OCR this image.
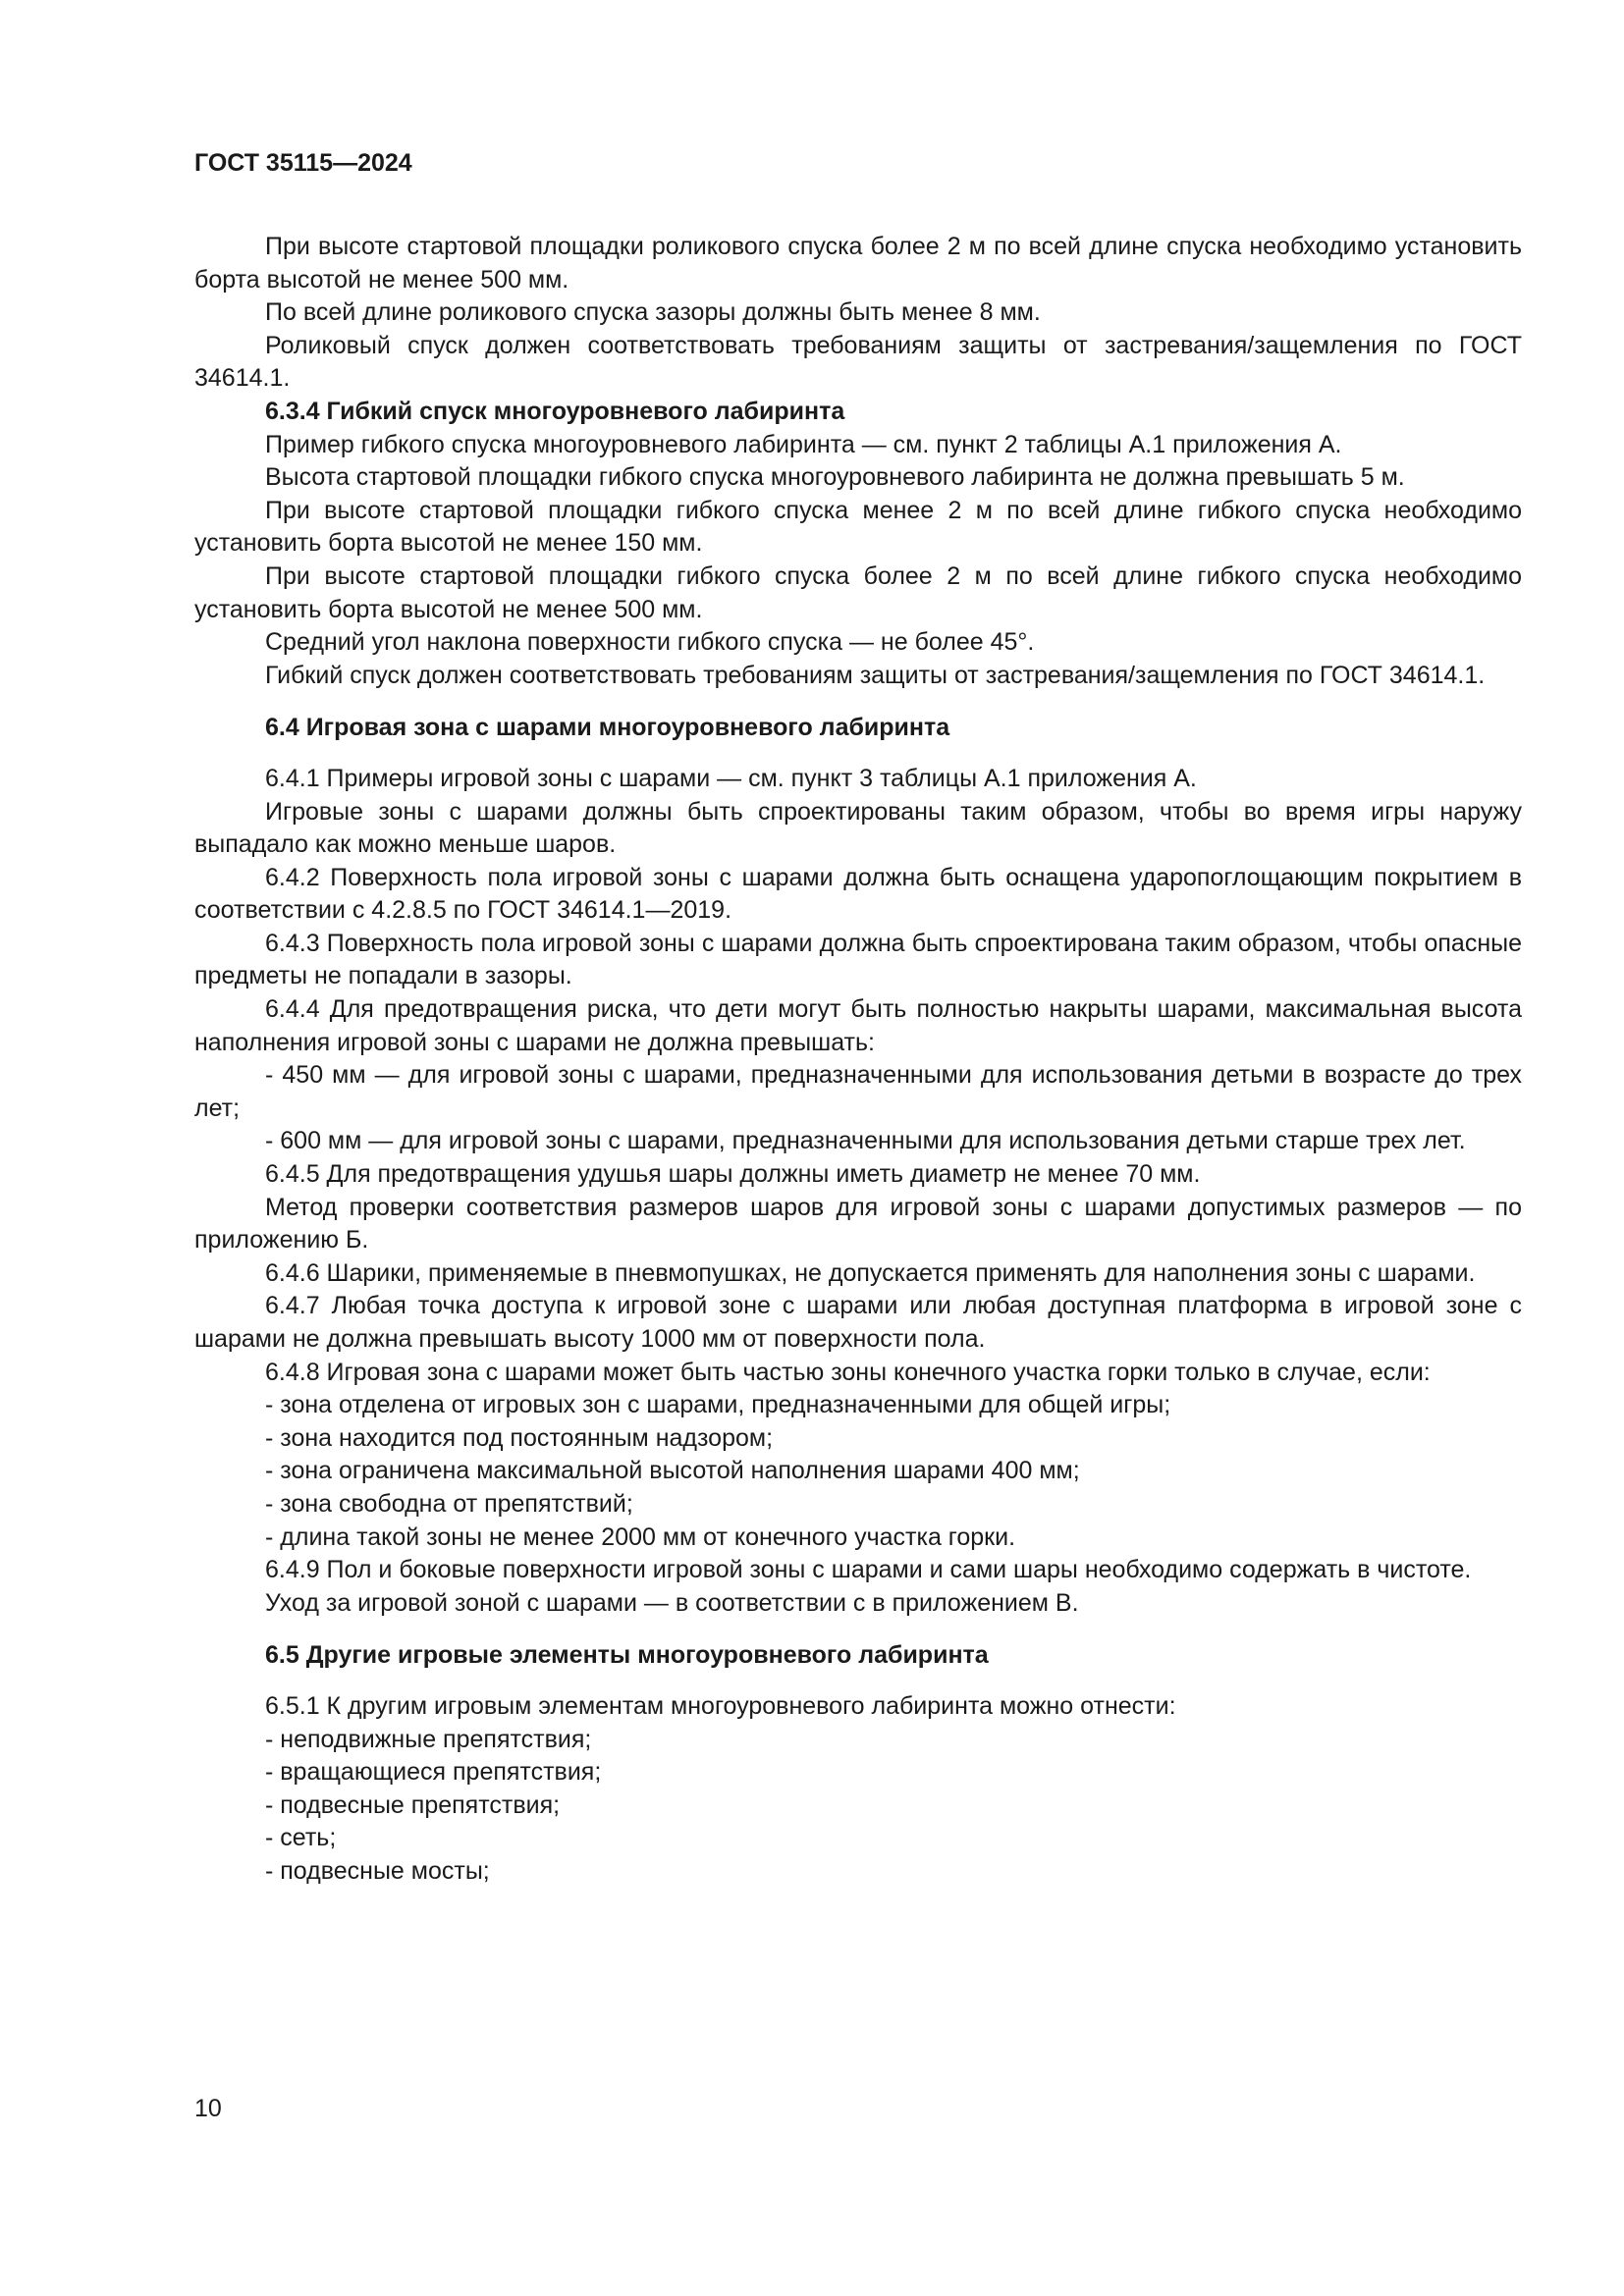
ГОСТ 35115—2024

При высоте стартовой площадки роликового спуска более 2 м по всей длине спуска необходимо установить борта высотой не менее 500 мм.

По всей длине роликового спуска зазоры должны быть менее 8 мм.

Роликовый спуск должен соответствовать требованиям защиты от застревания/защемления по ГОСТ 34614.1.

6.3.4 Гибкий спуск многоуровневого лабиринта

Пример гибкого спуска многоуровневого лабиринта — см. пункт 2 таблицы А.1 приложения А.

Высота стартовой площадки гибкого спуска многоуровневого лабиринта не должна превышать 5 м.

При высоте стартовой площадки гибкого спуска менее 2 м по всей длине гибкого спуска необходимо установить борта высотой не менее 150 мм.

При высоте стартовой площадки гибкого спуска более 2 м по всей длине гибкого спуска необходимо установить борта высотой не менее 500 мм.

Средний угол наклона поверхности гибкого спуска — не более 45°.

Гибкий спуск должен соответствовать требованиям защиты от застревания/защемления по ГОСТ 34614.1.

6.4 Игровая зона с шарами многоуровневого лабиринта

6.4.1 Примеры игровой зоны с шарами — см. пункт 3 таблицы А.1 приложения А.

Игровые зоны с шарами должны быть спроектированы таким образом, чтобы во время игры наружу выпадало как можно меньше шаров.

6.4.2 Поверхность пола игровой зоны с шарами должна быть оснащена ударопоглощающим покрытием в соответствии с 4.2.8.5 по ГОСТ 34614.1—2019.

6.4.3 Поверхность пола игровой зоны с шарами должна быть спроектирована таким образом, чтобы опасные предметы не попадали в зазоры.

6.4.4 Для предотвращения риска, что дети могут быть полностью накрыты шарами, максимальная высота наполнения игровой зоны с шарами не должна превышать:

- 450 мм — для игровой зоны с шарами, предназначенными для использования детьми в возрасте до трех лет;

- 600 мм — для игровой зоны с шарами, предназначенными для использования детьми старше трех лет.

6.4.5 Для предотвращения удушья шары должны иметь диаметр не менее 70 мм.

Метод проверки соответствия размеров шаров для игровой зоны с шарами допустимых размеров — по приложению Б.

6.4.6 Шарики, применяемые в пневмопушках, не допускается применять для наполнения зоны с шарами.

6.4.7 Любая точка доступа к игровой зоне с шарами или любая доступная платформа в игровой зоне с шарами не должна превышать высоту 1000 мм от поверхности пола.

6.4.8 Игровая зона с шарами может быть частью зоны конечного участка горки только в случае, если:

- зона отделена от игровых зон с шарами, предназначенными для общей игры;

- зона находится под постоянным надзором;

- зона ограничена максимальной высотой наполнения шарами 400 мм;

- зона свободна от препятствий;

- длина такой зоны не менее 2000 мм от конечного участка горки.

6.4.9 Пол и боковые поверхности игровой зоны с шарами и сами шары необходимо содержать в чистоте.

Уход за игровой зоной с шарами — в соответствии с в приложением В.

6.5 Другие игровые элементы многоуровневого лабиринта

6.5.1 К другим игровым элементам многоуровневого лабиринта можно отнести:

- неподвижные препятствия;

- вращающиеся препятствия;

- подвесные препятствия;

- сеть;

- подвесные мосты;

10
